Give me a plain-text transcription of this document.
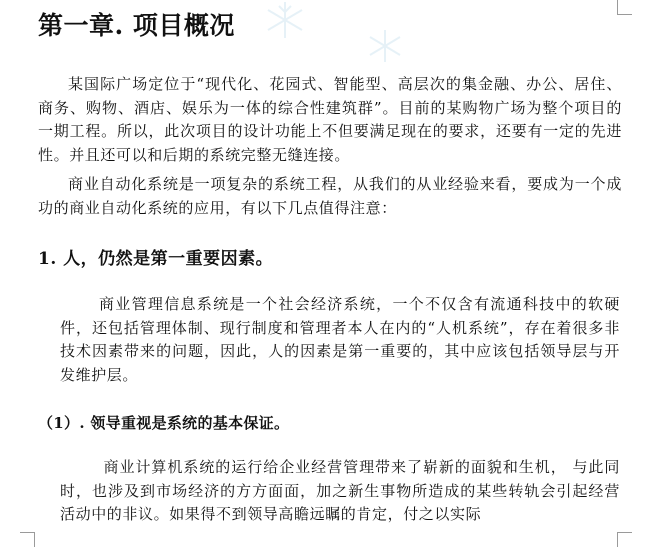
第一章. 项目概况
某国际广场定位于“现代化、花园式、智能型、高层次的集金融、办公、居住、商务、购物、酒店、娱乐为一体的综合性建筑群”。目前的某购物广场为整个项目的一期工程。所以，此次项目的设计功能上不但要满足现在的要求，还要有一定的先进性。并且还可以和后期的系统完整无缝连接。
商业自动化系统是一项复杂的系统工程，从我们的从业经验来看，要成为一个成功的商业自动化系统的应用，有以下几点值得注意：
1. 人，仍然是第一重要因素。
商业管理信息系统是一个社会经济系统，一个不仅含有流通科技中的软硬件，还包括管理体制、现行制度和管理者本人在内的“人机系统”，存在着很多非技术因素带来的问题，因此，人的因素是第一重要的，其中应该包括领导层与开发维护层。
（1）. 领导重视是系统的基本保证。
商业计算机系统的运行给企业经营管理带来了崭新的面貌和生机， 与此同时，也涉及到市场经济的方方面面，加之新生事物所造成的某些转轨会引起经营活动中的非议。如果得不到领导高瞻远瞩的肯定，付之以实际
